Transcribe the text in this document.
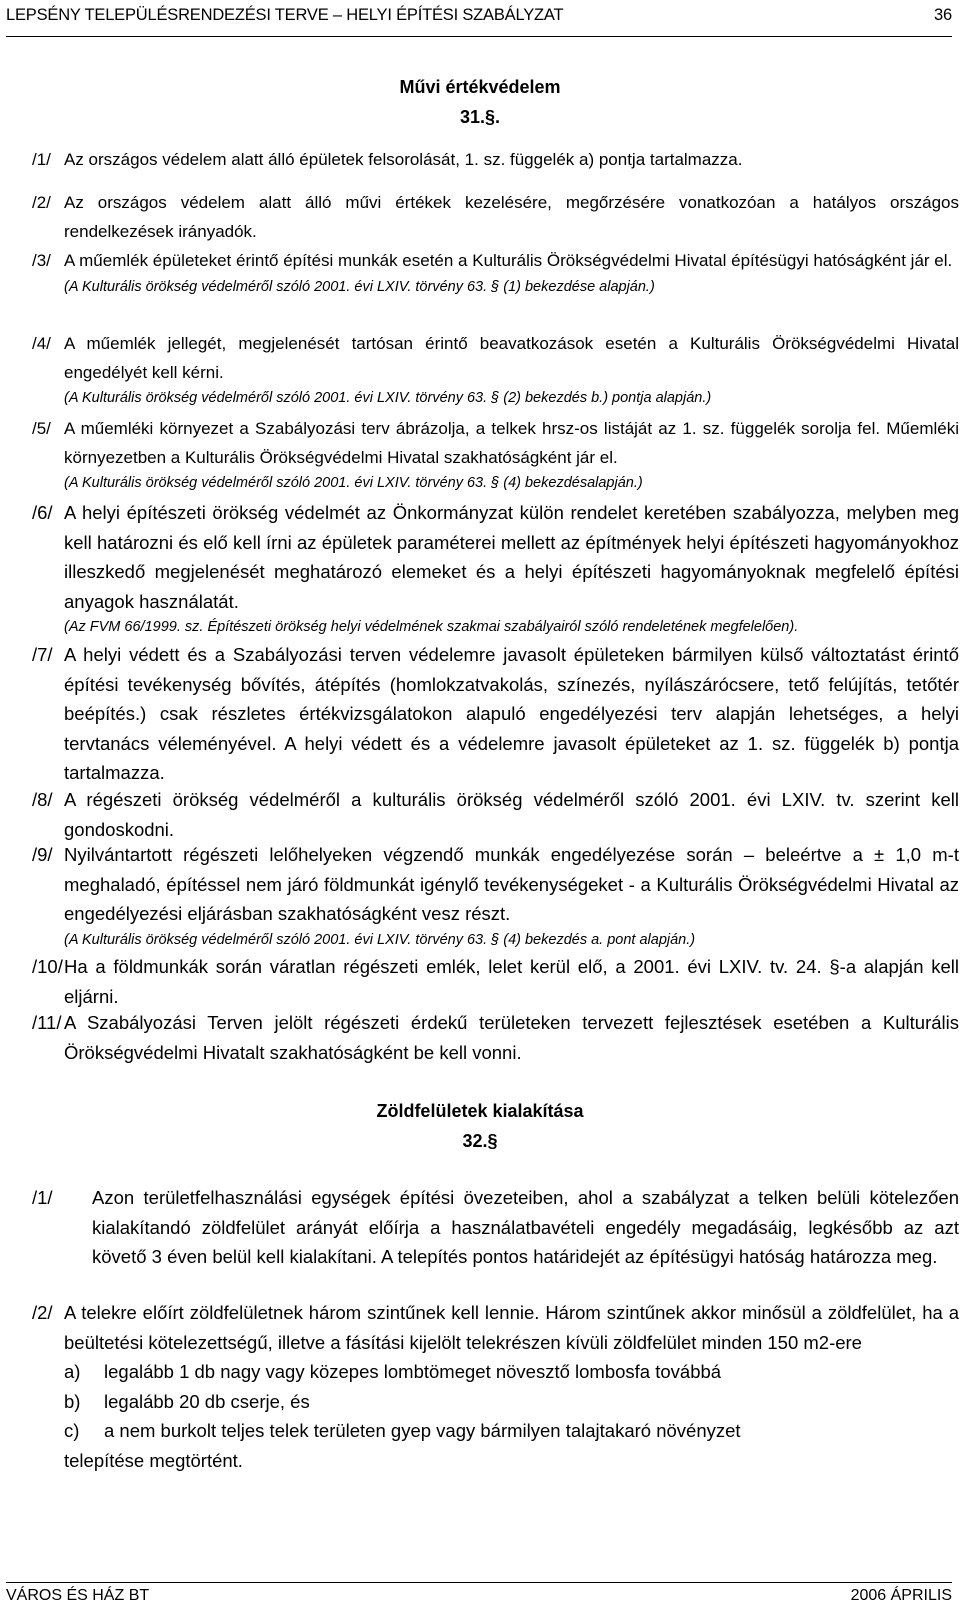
LEPSÉNY TELEPÜLÉSRENDEZÉSI TERVE – HELYI ÉPÍTÉSI SZABÁLYZAT	36
Művi értékvédelem
31.§.
/1/ Az országos védelem alatt álló épületek felsorolását, 1. sz. függelék a) pontja tartalmazza.
/2/ Az országos védelem alatt álló művi értékek kezelésére, megőrzésére vonatkozóan a hatályos országos rendelkezések irányadók.
/3/ A műemlék épületeket érintő építési munkák esetén a Kulturális Örökségvédelmi Hivatal építésügyi hatóságként jár el.
(A Kulturális örökség védelméről szóló 2001. évi LXIV. törvény 63. § (1) bekezdése alapján.)
/4/ A műemlék jellegét, megjelenését tartósan érintő beavatkozások esetén a Kulturális Örökségvédelmi Hivatal engedélyét kell kérni.
(A Kulturális örökség védelméről szóló 2001. évi LXIV. törvény 63. § (2) bekezdés b.) pontja alapján.)
/5/ A műemléki környezet a Szabályozási terv ábrázolja, a telkek hrsz-os listáját az 1. sz. függelék sorolja fel. Műemléki környezetben a Kulturális Örökségvédelmi Hivatal szakhatóságként jár el.
(A Kulturális örökség védelméről szóló 2001. évi LXIV. törvény 63. § (4) bekezdésalapján.)
/6/ A helyi építészeti örökség védelmét az Önkormányzat külön rendelet keretében szabályozza, melyben meg kell határozni és elő kell írni az épületek paraméterei mellett az építmények helyi építészeti hagyományokhoz illeszkedő megjelenését meghatározó elemeket és a helyi építészeti hagyományoknak megfelelő építési anyagok használatát.
(Az FVM 66/1999. sz. Építészeti örökség helyi védelmének szakmai szabályairól szóló rendeletének megfelelően).
/7/ A helyi védett és a Szabályozási terven védelemre javasolt épületeken bármilyen külső változtatást érintő építési tevékenység bővítés, átépítés (homlokzatvakolás, színezés, nyílászárócsere, tető felújítás, tetőtér beépítés.) csak részletes értékvizsgálatokon alapuló engedélyezési terv alapján lehetséges, a helyi tervtanács véleményével. A helyi védett és a védelemre javasolt épületeket az 1. sz. függelék b) pontja tartalmazza.
/8/ A régészeti örökség védelméről a kulturális örökség védelméről szóló 2001. évi LXIV. tv. szerint kell gondoskodni.
/9/ Nyilvántartott régészeti lelőhelyeken végzendő munkák engedélyezése során – beleértve a ± 1,0 m-t meghaladó, építéssel nem járó földmunkát igénylő tevékenységeket - a Kulturális Örökségvédelmi Hivatal az engedélyezési eljárásban szakhatóságként vesz részt.
(A Kulturális örökség védelméről szóló 2001. évi LXIV. törvény 63. § (4) bekezdés a. pont alapján.)
/10/ Ha a földmunkák során váratlan régészeti emlék, lelet kerül elő, a 2001. évi LXIV. tv. 24. §-a alapján kell eljárni.
/11/ A Szabályozási Terven jelölt régészeti érdekű területeken tervezett fejlesztések esetében a Kulturális Örökségvédelmi Hivatalt szakhatóságként be kell vonni.
Zöldfelületek kialakítása
32.§
/1/ Azon területfelhasználási egységek építési övezeteiben, ahol a szabályzat a telken belüli kötelezően kialakítandó zöldfelület arányát előírja a használatbavételi engedély megadásáig, legkésőbb az azt követő 3 éven belül kell kialakítani. A telepítés pontos határidejét az építésügyi hatóság határozza meg.
/2/ A telekre előírt zöldfelületnek három szintűnek kell lennie. Három szintűnek akkor minősül a zöldfelület, ha a beültetési kötelezettségű, illetve a fásítási kijelölt telekrészen kívüli zöldfelület minden 150 m2-ere
a) legalább 1 db nagy vagy közepes lombtömeget növesztő lombosfa továbbá
b) legalább 20 db cserje, és
c) a nem burkolt teljes telek területen gyep vagy bármilyen talajtakaró növényzet
telepítése megtörtént.
VÁROS ÉS HÁZ BT	2006 ÁPRILIS
